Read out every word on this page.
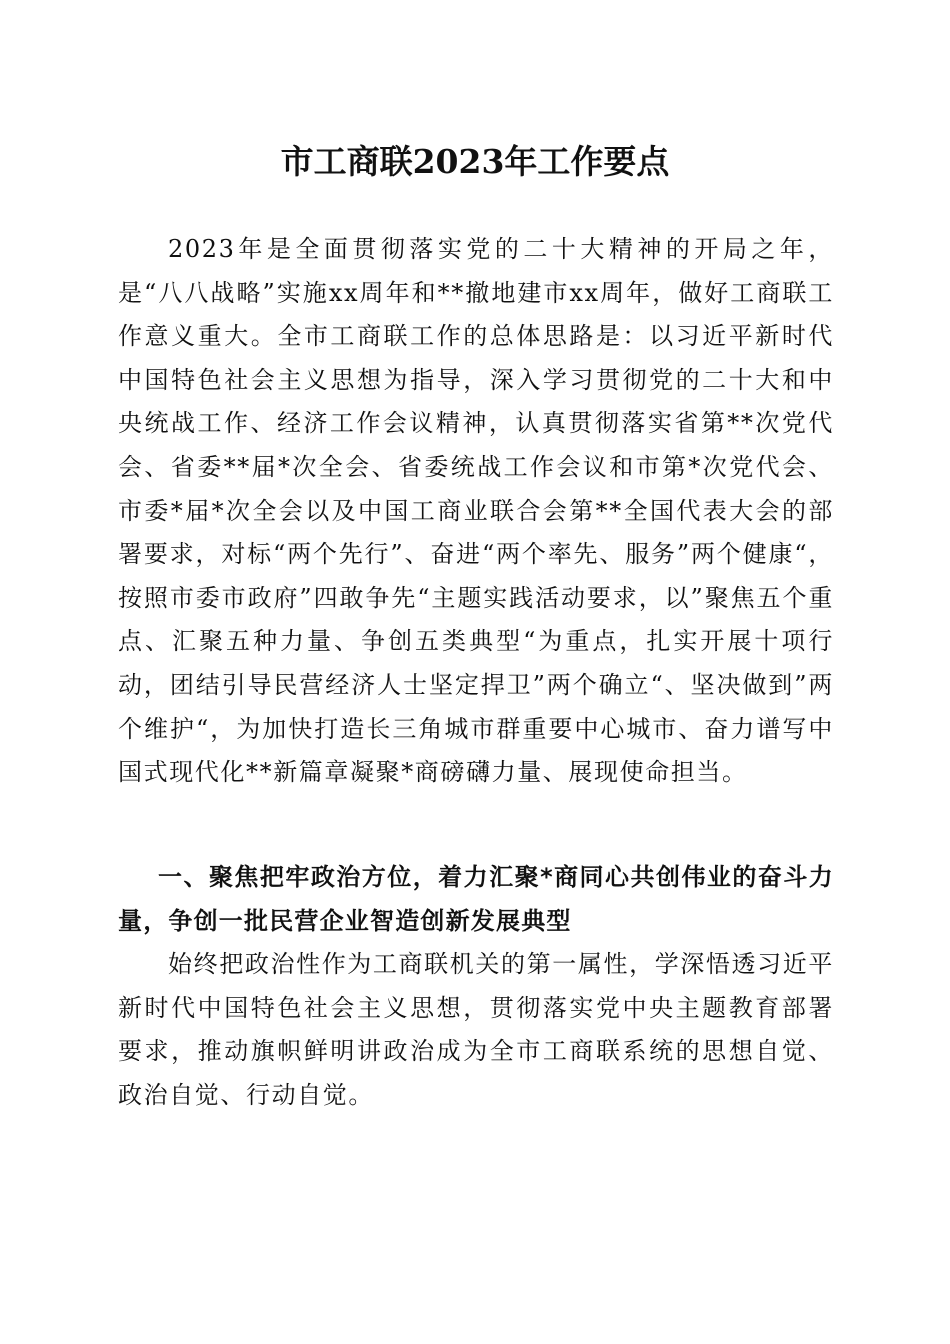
市工商联2023年工作要点

2023年是全面贯彻落实党的二十大精神的开局之年，是“八八战略”实施xx周年和**撤地建市xx周年，做好工商联工作意义重大。全市工商联工作的总体思路是：以习近平新时代中国特色社会主义思想为指导，深入学习贯彻党的二十大和中央统战工作、经济工作会议精神，认真贯彻落实省第**次党代会、省委**届*次全会、省委统战工作会议和市第*次党代会、市委*届*次全会以及中国工商业联合会第**全国代表大会的部署要求，对标“两个先行”、奋进“两个率先、服务”两个健康“，按照市委市政府”四敢争先“主题实践活动要求，以”聚焦五个重点、汇聚五种力量、争创五类典型“为重点，扎实开展十项行动，团结引导民营经济人士坚定捍卫”两个确立“、坚决做到”两个维护“，为加快打造长三角城市群重要中心城市、奋力谱写中国式现代化**新篇章凝聚*商磅礴力量、展现使命担当。

一、聚焦把牢政治方位，着力汇聚*商同心共创伟业的奋斗力量，争创一批民营企业智造创新发展典型

始终把政治性作为工商联机关的第一属性，学深悟透习近平新时代中国特色社会主义思想，贯彻落实党中央主题教育部署要求，推动旗帜鲜明讲政治成为全市工商联系统的思想自觉、政治自觉、行动自觉。
